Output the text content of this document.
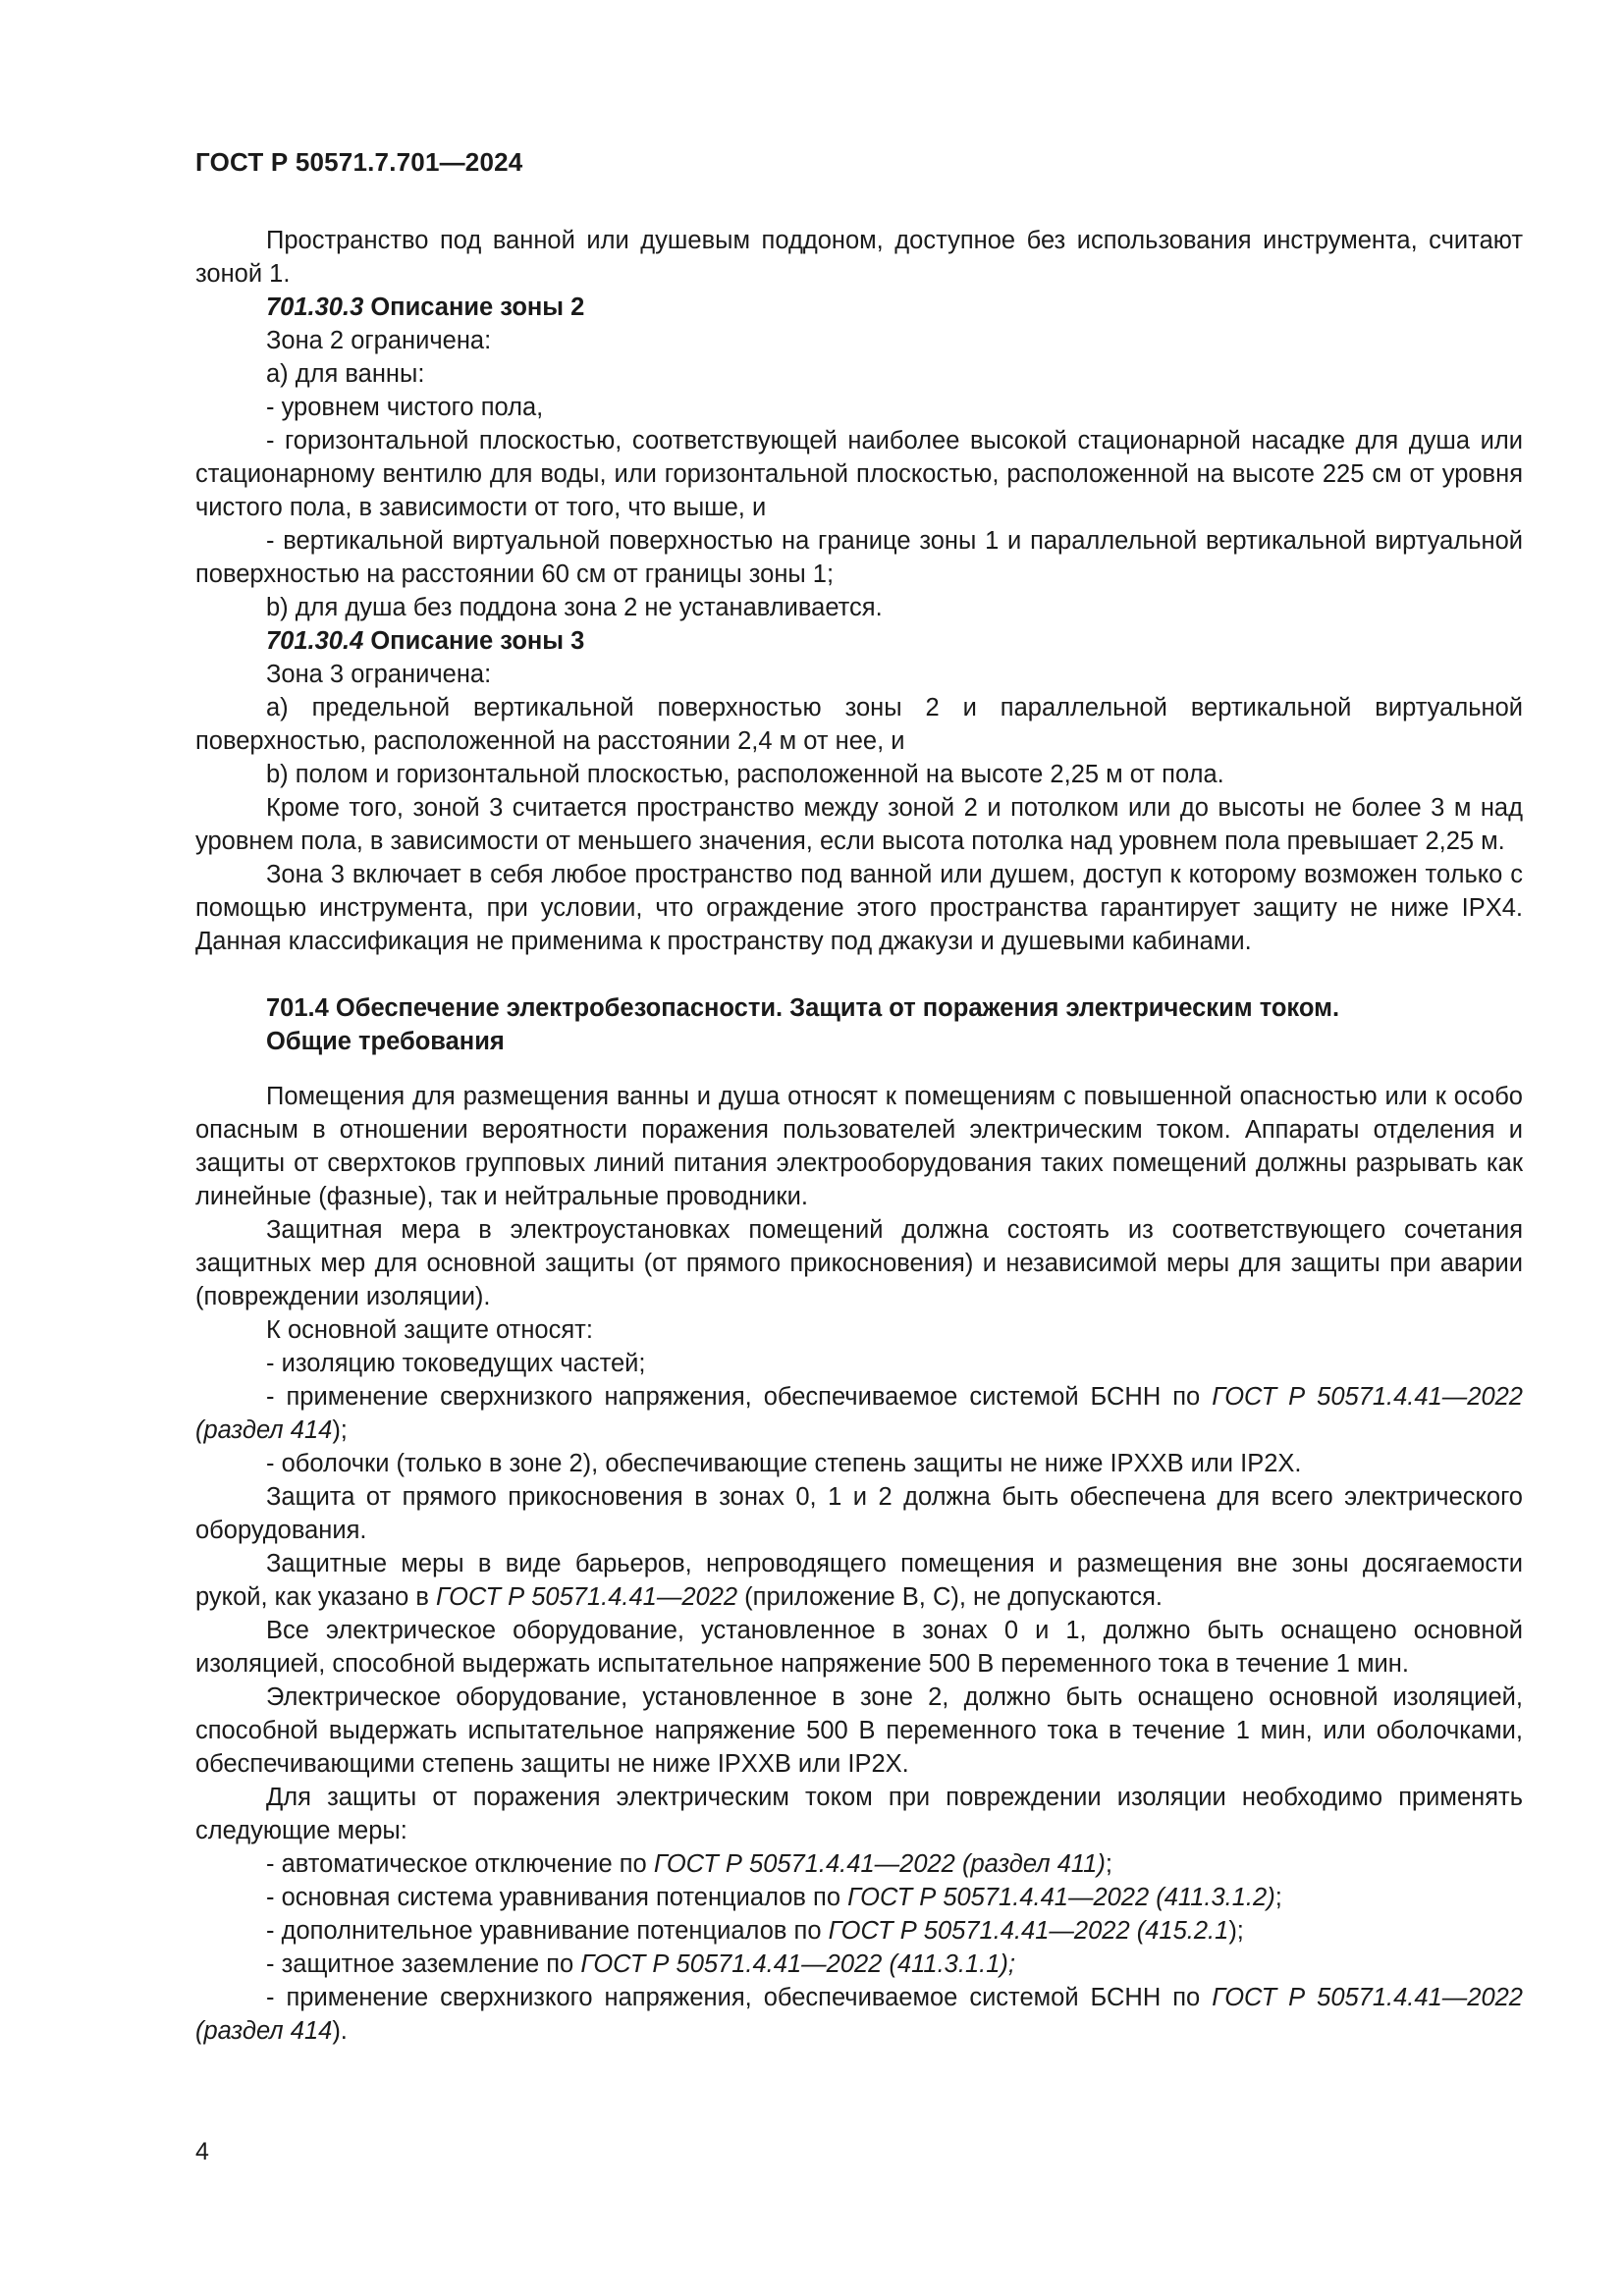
ГОСТ Р 50571.7.701—2024

Пространство под ванной или душевым поддоном, доступное без использования инструмента, считают зоной 1.

701.30.3 Описание зоны 2

Зона 2 ограничена:

a) для ванны:

- уровнем чистого пола,

- горизонтальной плоскостью, соответствующей наиболее высокой стационарной насадке для душа или стационарному вентилю для воды, или горизонтальной плоскостью, расположенной на высоте 225 см от уровня чистого пола, в зависимости от того, что выше, и

- вертикальной виртуальной поверхностью на границе зоны 1 и параллельной вертикальной виртуальной поверхностью на расстоянии 60 см от границы зоны 1;

b) для душа без поддона зона 2 не устанавливается.

701.30.4 Описание зоны 3

Зона 3 ограничена:

a) предельной вертикальной поверхностью зоны 2 и параллельной вертикальной виртуальной поверхностью, расположенной на расстоянии 2,4 м от нее, и

b) полом и горизонтальной плоскостью, расположенной на высоте 2,25 м от пола.

Кроме того, зоной 3 считается пространство между зоной 2 и потолком или до высоты не более 3 м над уровнем пола, в зависимости от меньшего значения, если высота потолка над уровнем пола превышает 2,25 м.

Зона 3 включает в себя любое пространство под ванной или душем, доступ к которому возможен только с помощью инструмента, при условии, что ограждение этого пространства гарантирует защиту не ниже IPX4. Данная классификация не применима к пространству под джакузи и душевыми кабинами.

701.4 Обеспечение электробезопасности. Защита от поражения электрическим током.
Общие требования

Помещения для размещения ванны и душа относят к помещениям с повышенной опасностью или к особо опасным в отношении вероятности поражения пользователей электрическим током. Аппараты отделения и защиты от сверхтоков групповых линий питания электрооборудования таких помещений должны разрывать как линейные (фазные), так и нейтральные проводники.

Защитная мера в электроустановках помещений должна состоять из соответствующего сочетания защитных мер для основной защиты (от прямого прикосновения) и независимой меры для защиты при аварии (повреждении изоляции).

К основной защите относят:

- изоляцию токоведущих частей;

- применение сверхнизкого напряжения, обеспечиваемое системой БСНН по ГОСТ Р 50571.4.41—2022 (раздел 414);

- оболочки (только в зоне 2), обеспечивающие степень защиты не ниже IPXXB или IP2X.

Защита от прямого прикосновения в зонах 0, 1 и 2 должна быть обеспечена для всего электрического оборудования.

Защитные меры в виде барьеров, непроводящего помещения и размещения вне зоны досягаемости рукой, как указано в ГОСТ Р 50571.4.41—2022 (приложение В, С), не допускаются.

Все электрическое оборудование, установленное в зонах 0 и 1, должно быть оснащено основной изоляцией, способной выдержать испытательное напряжение 500 В переменного тока в течение 1 мин.

Электрическое оборудование, установленное в зоне 2, должно быть оснащено основной изоляцией, способной выдержать испытательное напряжение 500 В переменного тока в течение 1 мин, или оболочками, обеспечивающими степень защиты не ниже IPXXB или IP2X.

Для защиты от поражения электрическим током при повреждении изоляции необходимо применять следующие меры:

- автоматическое отключение по ГОСТ Р 50571.4.41—2022 (раздел 411);

- основная система уравнивания потенциалов по ГОСТ Р 50571.4.41—2022 (411.3.1.2);

- дополнительное уравнивание потенциалов по ГОСТ Р 50571.4.41—2022 (415.2.1);

- защитное заземление по ГОСТ Р 50571.4.41—2022 (411.3.1.1);

- применение сверхнизкого напряжения, обеспечиваемое системой БСНН по ГОСТ Р 50571.4.41—2022 (раздел 414).

4
